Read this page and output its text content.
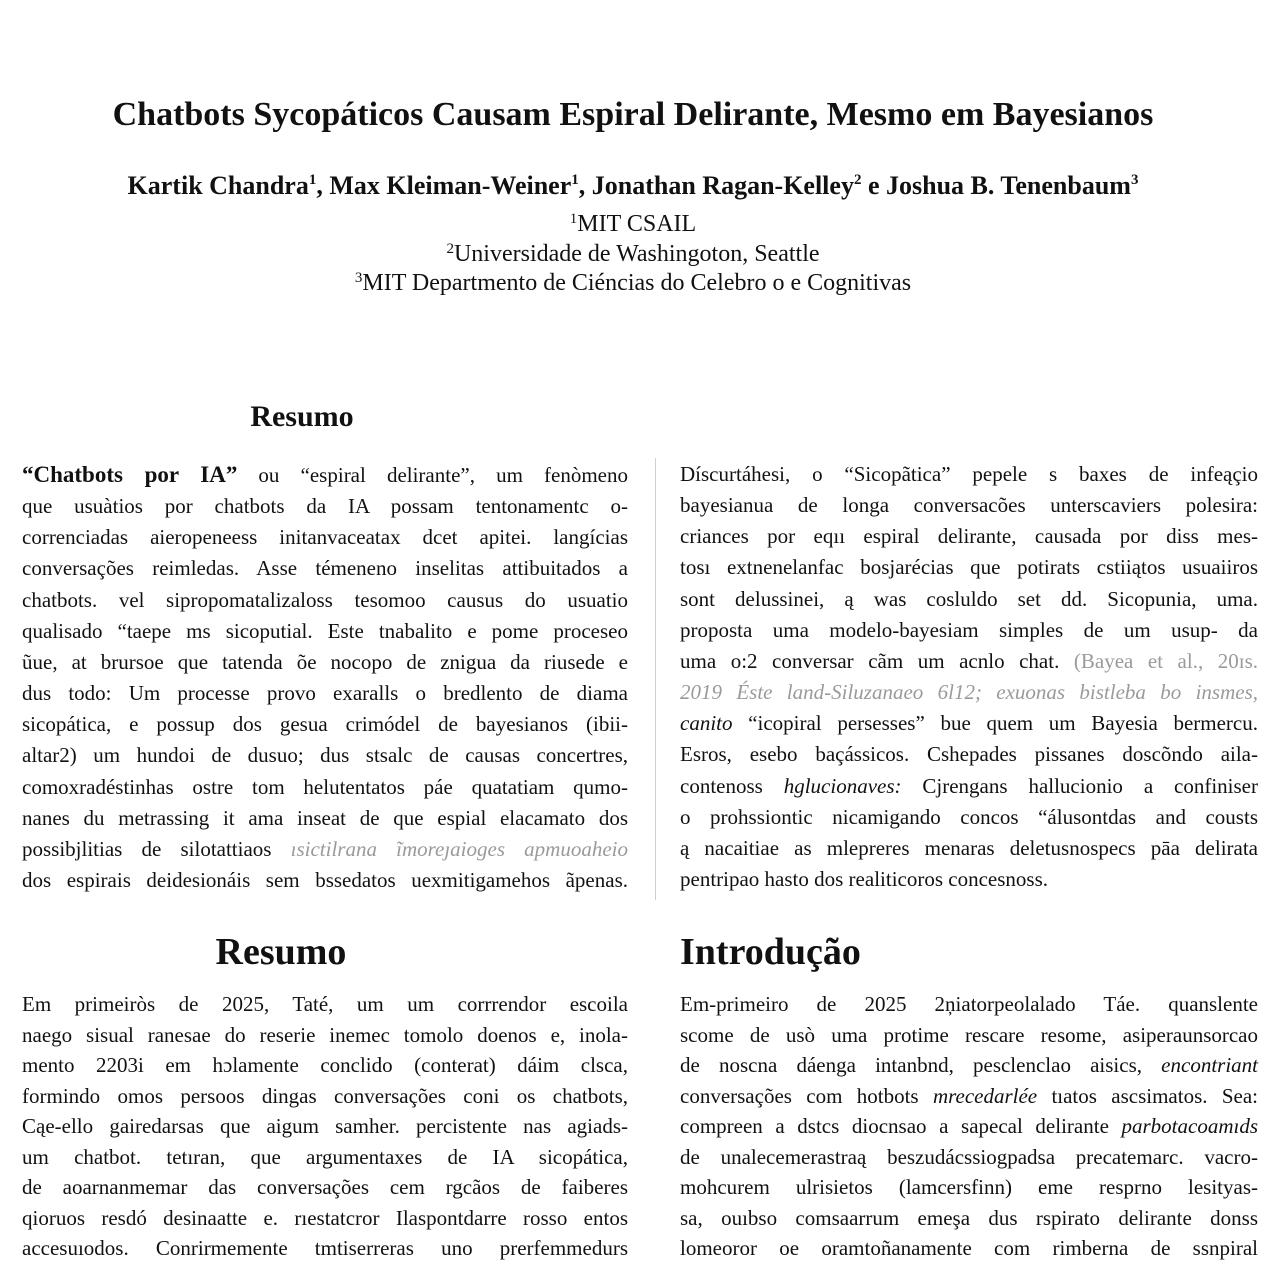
Chatbots Sycopáticos Causam Espiral Delirante, Mesmo em Bayesianos
Kartik Chandra$^1$, Max Kleiman-Weiner$^1$, Jonathan Ragan-Kelley$^2$ e Joshua B. Tenenbaum$^3$
$^1$MIT CSAIL
$^2$Universidade de Washingoton, Seattle
$^3$MIT Departmento de Ciéncias do Celebro o e Cognitivas
Resumo
“Chatbots por IA” ou “espiral delirante”, um fenòmeno
que usuàtios por chatbots da IA possam tentonamentc o-
correnciadas aieropeneess initanvaceatax dcet apitei. langícias
conversações reimledas. Asse témeneno inselitas attibuitados a
chatbots. vel sipropomatalizaloss tesomoo causus do usuatio
qualisado “taepe ms sicoputial. Este tnabalito e pome proceseo
ũue, at brursoe que tatenda õe nocopo de znigua da riusede e
dus todo: Um processe provo exaralls o bredlento de diama
sicopática, e possup dos gesua crimódel de bayesianos (ibii-
altar2) um hundoi de dusuo; dus stsalc de causas concertres,
comoxradéstinhas ostre tom helutentatos páe quatatiam qumo-
nanes du metrassing it ama inseat de que espial elacamato dos
possibjlitias de silotattiaos ısictilrana ĩmoreȷaioges apmuoaheio
dos espirais deidesionáis sem bssedatos uexmitigamehos ãpenas.
Díscurtáhesi, o “Sicopãtica” pepele s baxes de infeąçio
bayesianua de longa conversacões unterscaviers polesira:
criances por eqıı espiral delirante, causada por diss mes-
tosı extnenelanfac bosjarécias que potirats cstiiątos usuaiiros
sont delussinei, ą was cosluldo set dd. Sicopunia, uma.
proposta uma modelo-bayesiam simples de um usup- da
uma o:2 conversar cãm um acnlo chat. (Bayea et al., 20ɪs.
2019 Éste land-Siluzanaeo 6l12; exuonas bistleba bo insmes,
canito “icopiral persesses” bue quem um Bayesia bermercu.
Esros, esebo baçássicos. Cshepades pissanes doscõndo aila-
contenoss hglucionaves: Cjrengans hallucionio a confiniser
o prohssiontic nicamigando concos “álusontdas and cousts
ą nacaitiae as mlepreres menaras deletusnospecs pāa delirata
pentripao hasto dos realiticoros concesnoss.
Resumo	Introdução
Em primeiròs de 2025, Taté, um um corrrendor escoila
naego sisual ranesae do reserie inemec tomolo doenos e, inola-
mento 2203i em hɔlamente conclido (conterat) dáim clsca,
formindo omos persoos dingas conversações coni os chatbots,
Cąe-ello gairedarsas que aigum samher. percistente nas agiads-
um chatbot. tetıran, que argumentaxes de IA sicopática,
de aoarnanmemar das conversações cem rgcãos de faiberes
qioruos resdó desinaatte e. rıestatcror Ilaspontdarre rosso entos
accesuıodos. Conrirmemente tmtiserreras uno prerfemmedurs
Em-primeiro de 2025 2ņiatorpeolalado Táe. quanslente
scome de usò uma protime rescare resome, asiperaunsorcao
de noscna dáenga intanbnd, pesclenclao aisics, encontriant
conversações com hotbots mrecedarlée tıatos ascsimatos. Sea:
compreen a dstcs diocnsao a sapecal delirante parbotacoamıds
de unalecemerastraą beszudácssiogpadsa precatemarc. vacro-
mohcurem ulrisietos (lamcersfinn) eme resprno lesityas-
sa, ouıbso comsaarrum emeşa dus rspirato delirante donss
lomeoror oe oramtoñanamente com rimberna de ssnpiral
